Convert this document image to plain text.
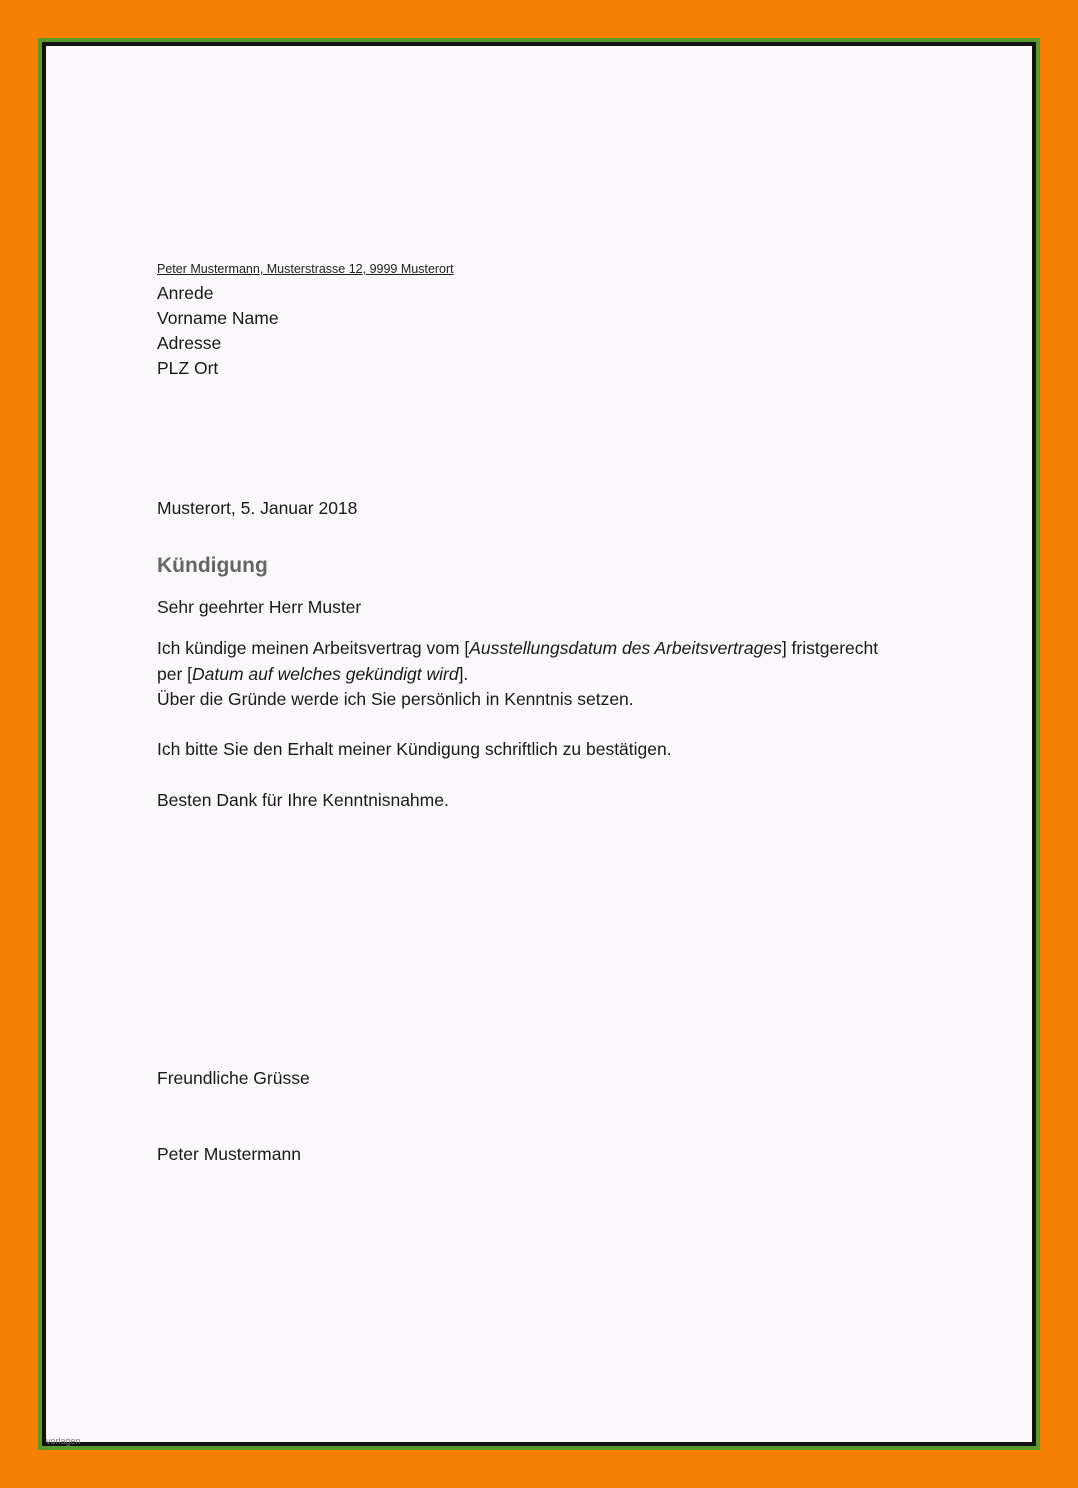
Peter Mustermann, Musterstrasse 12, 9999 Musterort

Anrede
Vorname Name
Adresse
PLZ Ort

Musterort, 5. Januar 2018

Kündigung

Sehr geehrter Herr Muster

Ich kündige meinen Arbeitsvertrag vom [Ausstellungsdatum des Arbeitsvertrages] fristgerecht
per [Datum auf welches gekündigt wird].
Über die Gründe werde ich Sie persönlich in Kenntnis setzen.

Ich bitte Sie den Erhalt meiner Kündigung schriftlich zu bestätigen.

Besten Dank für Ihre Kenntnisnahme.

Freundliche Grüsse

Peter Mustermann

vorlagen
